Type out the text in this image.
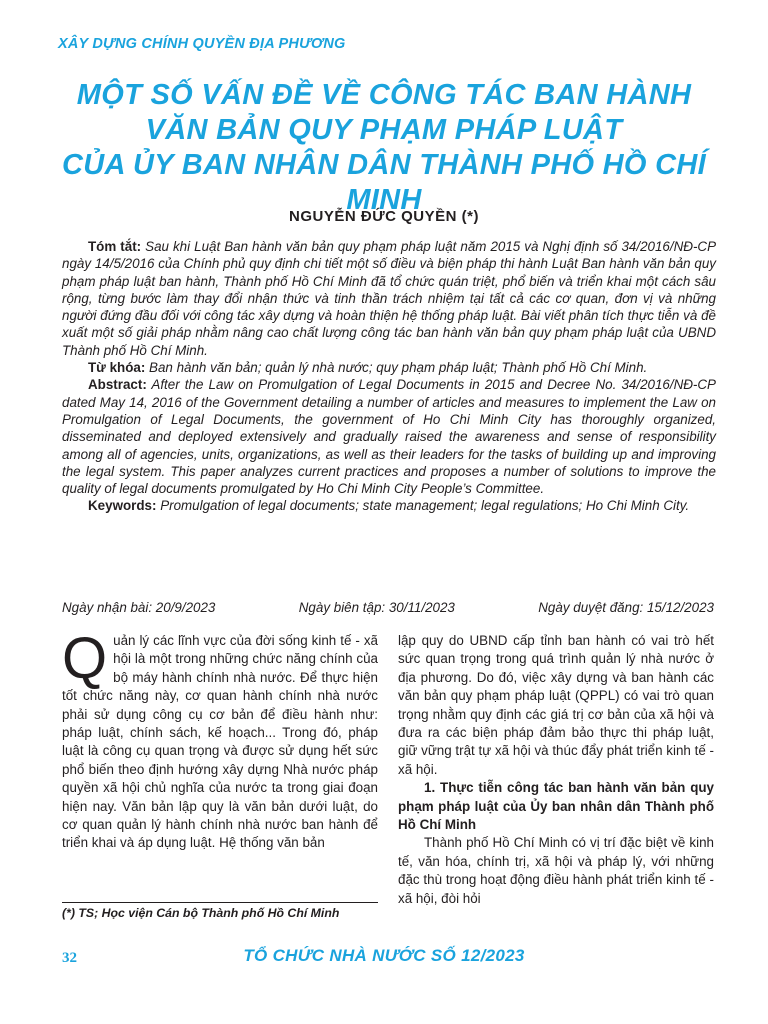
XÂY DỰNG CHÍNH QUYỀN ĐỊA PHƯƠNG
MỘT SỐ VẤN ĐỀ VỀ CÔNG TÁC BAN HÀNH
VĂN BẢN QUY PHẠM PHÁP LUẬT
CỦA ỦY BAN NHÂN DÂN THÀNH PHỐ HỒ CHÍ MINH
NGUYỄN ĐỨC QUYỀN (*)

Tóm tắt: Sau khi Luật Ban hành văn bản quy phạm pháp luật năm 2015 và Nghị định số 34/2016/NĐ-CP ngày 14/5/2016 của Chính phủ quy định chi tiết một số điều và biện pháp thi hành Luật Ban hành văn bản quy phạm pháp luật ban hành, Thành phố Hồ Chí Minh đã tổ chức quán triệt, phổ biến và triển khai một cách sâu rộng, từng bước làm thay đổi nhận thức và tinh thần trách nhiệm tại tất cả các cơ quan, đơn vị và những người đứng đầu đối với công tác xây dựng và hoàn thiện hệ thống pháp luật. Bài viết phân tích thực tiễn và đề xuất một số giải pháp nhằm nâng cao chất lượng công tác ban hành văn bản quy phạm pháp luật của UBND Thành phố Hồ Chí Minh.

Từ khóa: Ban hành văn bản; quản lý nhà nước; quy phạm pháp luật; Thành phố Hồ Chí Minh.

Abstract: After the Law on Promulgation of Legal Documents in 2015 and Decree No. 34/2016/NĐ-CP dated May 14, 2016 of the Government detailing a number of articles and measures to implement the Law on Promulgation of Legal Documents, the government of Ho Chi Minh City has thoroughly organized, disseminated and deployed extensively and gradually raised the awareness and sense of responsibility among all of agencies, units, organizations, as well as their leaders for the tasks of building up and improving the legal system. This paper analyzes current practices and proposes a number of solutions to improve the quality of legal documents promulgated by Ho Chi Minh City People’s Committee.

Keywords: Promulgation of legal documents; state management; legal regulations; Ho Chi Minh City.

Ngày nhận bài: 20/9/2023	Ngày biên tập: 30/11/2023	Ngày duyệt đăng: 15/12/2023

Quản lý các lĩnh vực của đời sống kinh tế - xã hội là một trong những chức năng chính của bộ máy hành chính nhà nước. Để thực hiện tốt chức năng này, cơ quan hành chính nhà nước phải sử dụng công cụ cơ bản để điều hành như: pháp luật, chính sách, kế hoạch... Trong đó, pháp luật là công cụ quan trọng và được sử dụng hết sức phổ biến theo định hướng xây dựng Nhà nước pháp quyền xã hội chủ nghĩa của nước ta trong giai đoạn hiện nay. Văn bản lập quy là văn bản dưới luật, do cơ quan quản lý hành chính nhà nước ban hành để triển khai và áp dụng luật. Hệ thống văn bản

lập quy do UBND cấp tỉnh ban hành có vai trò hết sức quan trọng trong quá trình quản lý nhà nước ở địa phương. Do đó, việc xây dựng và ban hành các văn bản quy phạm pháp luật (QPPL) có vai trò quan trọng nhằm quy định các giá trị cơ bản của xã hội và đưa ra các biện pháp đảm bảo thực thi pháp luật, giữ vững trật tự xã hội và thúc đẩy phát triển kinh tế - xã hội.

1. Thực tiễn công tác ban hành văn bản quy phạm pháp luật của Ủy ban nhân dân Thành phố Hồ Chí Minh

Thành phố Hồ Chí Minh có vị trí đặc biệt về kinh tế, văn hóa, chính trị, xã hội và pháp lý, với những đặc thù trong hoạt động điều hành phát triển kinh tế - xã hội, đòi hỏi

(*) TS; Học viện Cán bộ Thành phố Hồ Chí Minh
32	TỔ CHỨC NHÀ NƯỚC SỐ 12/2023
